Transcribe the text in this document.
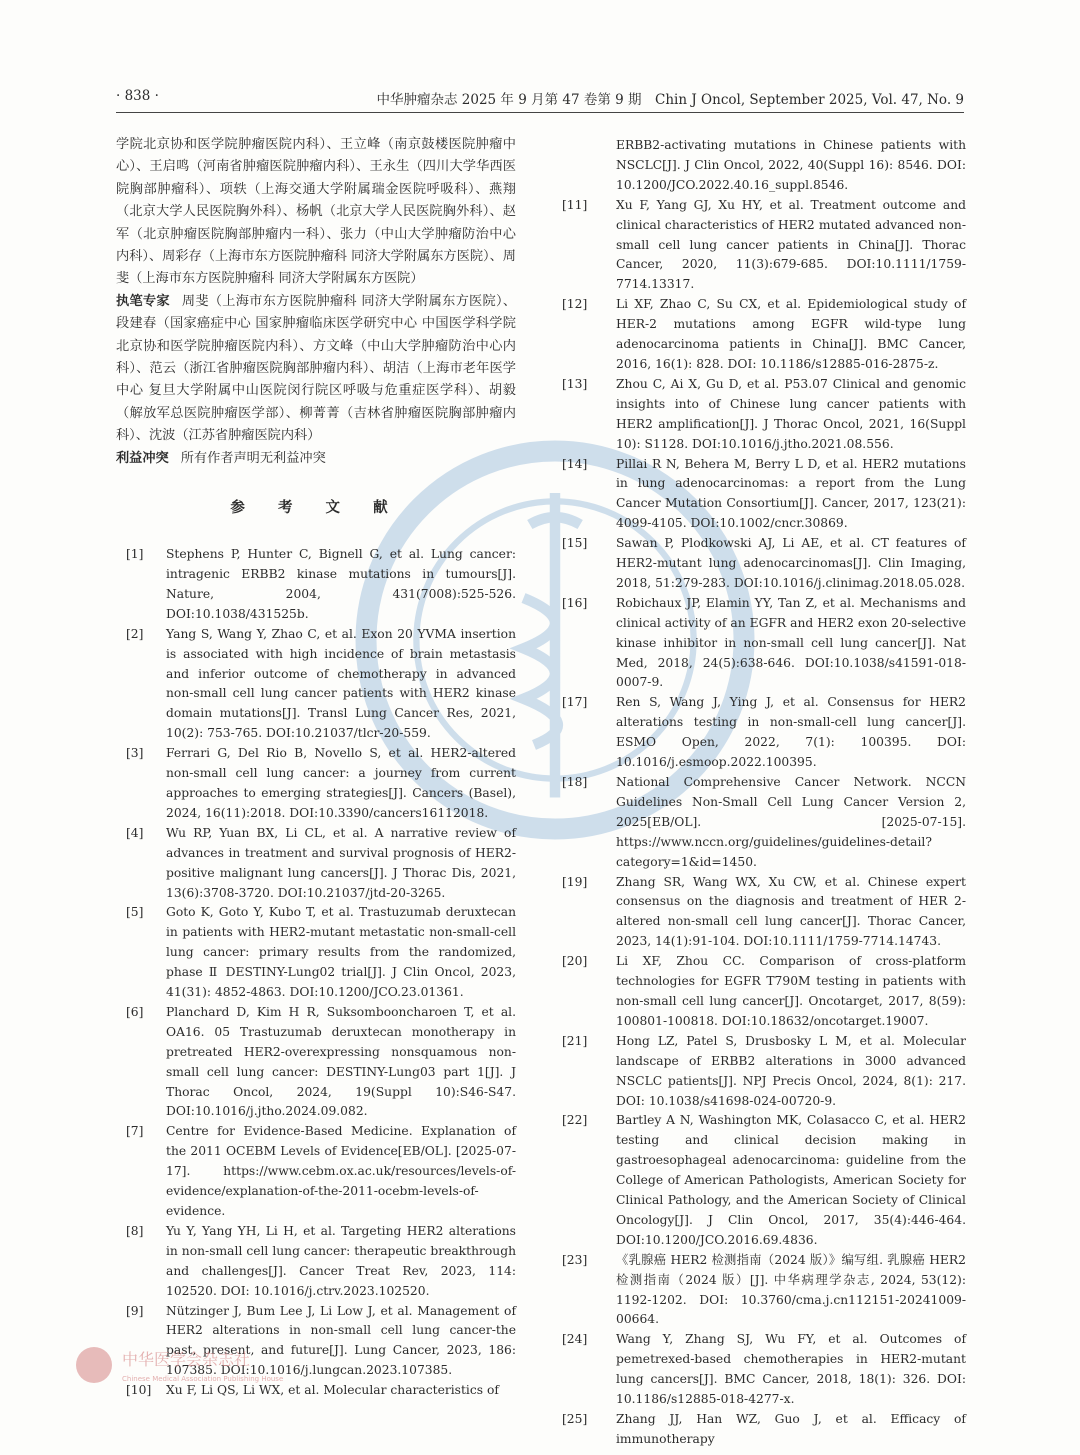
· 838 ·	中华肿瘤杂志 2025 年 9 月第 47 卷第 9 期　Chin J Oncol, September 2025, Vol. 47, No. 9

学院北京协和医学院肿瘤医院内科）、王立峰（南京鼓楼医院肿瘤中心）、王启鸣（河南省肿瘤医院肿瘤内科）、王永生（四川大学华西医院胸部肿瘤科）、项轶（上海交通大学附属瑞金医院呼吸科）、燕翔（北京大学人民医院胸外科）、杨帆（北京大学人民医院胸外科）、赵军（北京肿瘤医院胸部肿瘤内一科）、张力（中山大学肿瘤防治中心内科）、周彩存（上海市东方医院肿瘤科 同济大学附属东方医院）、周斐（上海市东方医院肿瘤科 同济大学附属东方医院）

执笔专家 周斐（上海市东方医院肿瘤科 同济大学附属东方医院）、段建春（国家癌症中心 国家肿瘤临床医学研究中心 中国医学科学院北京协和医学院肿瘤医院内科）、方文峰（中山大学肿瘤防治中心内科）、范云（浙江省肿瘤医院胸部肿瘤内科）、胡洁（上海市老年医学中心 复旦大学附属中山医院闵行院区呼吸与危重症医学科）、胡毅（解放军总医院肿瘤医学部）、柳菁菁（吉林省肿瘤医院胸部肿瘤内科）、沈波（江苏省肿瘤医院内科）

利益冲突 所有作者声明无利益冲突

参 考 文 献

[1] Stephens P, Hunter C, Bignell G, et al. Lung cancer: intragenic ERBB2 kinase mutations in tumours[J]. Nature, 2004, 431(7008):525-526. DOI:10.1038/431525b.

[2] Yang S, Wang Y, Zhao C, et al. Exon 20 YVMA insertion is associated with high incidence of brain metastasis and inferior outcome of chemotherapy in advanced non-small cell lung cancer patients with HER2 kinase domain mutations[J]. Transl Lung Cancer Res, 2021, 10(2): 753-765. DOI:10.21037/tlcr-20-559.

[3] Ferrari G, Del Rio B, Novello S, et al. HER2-altered non-small cell lung cancer: a journey from current approaches to emerging strategies[J]. Cancers (Basel), 2024, 16(11):2018. DOI:10.3390/cancers16112018.

[4] Wu RP, Yuan BX, Li CL, et al. A narrative review of advances in treatment and survival prognosis of HER2-positive malignant lung cancers[J]. J Thorac Dis, 2021, 13(6):3708-3720. DOI:10.21037/jtd-20-3265.

[5] Goto K, Goto Y, Kubo T, et al. Trastuzumab deruxtecan in patients with HER2-mutant metastatic non-small-cell lung cancer: primary results from the randomized, phase Ⅱ DESTINY-Lung02 trial[J]. J Clin Oncol, 2023, 41(31): 4852-4863. DOI:10.1200/JCO.23.01361.

[6] Planchard D, Kim H R, Suksombooncharoen T, et al. OA16. 05 Trastuzumab deruxtecan monotherapy in pretreated HER2-overexpressing nonsquamous non-small cell lung cancer: DESTINY-Lung03 part 1[J]. J Thorac Oncol, 2024, 19(Suppl 10):S46-S47. DOI:10.1016/j.jtho.2024.09.082.

[7] Centre for Evidence-Based Medicine. Explanation of the 2011 OCEBM Levels of Evidence[EB/OL]. [2025-07-17]. https://www.cebm.ox.ac.uk/resources/levels-of-evidence/explanation-of-the-2011-ocebm-levels-of-evidence.

[8] Yu Y, Yang YH, Li H, et al. Targeting HER2 alterations in non-small cell lung cancer: therapeutic breakthrough and challenges[J]. Cancer Treat Rev, 2023, 114: 102520. DOI: 10.1016/j.ctrv.2023.102520.

[9] Nützinger J, Bum Lee J, Li Low J, et al. Management of HER2 alterations in non-small cell lung cancer-the past, present, and future[J]. Lung Cancer, 2023, 186: 107385. DOI:10.1016/j.lungcan.2023.107385.

[10] Xu F, Li QS, Li WX, et al. Molecular characteristics of

ERBB2-activating mutations in Chinese patients with NSCLC[J]. J Clin Oncol, 2022, 40(Suppl 16): 8546. DOI: 10.1200/JCO.2022.40.16_suppl.8546.

[11] Xu F, Yang GJ, Xu HY, et al. Treatment outcome and clinical characteristics of HER2 mutated advanced non-small cell lung cancer patients in China[J]. Thorac Cancer, 2020, 11(3):679-685. DOI:10.1111/1759-7714.13317.

[12] Li XF, Zhao C, Su CX, et al. Epidemiological study of HER-2 mutations among EGFR wild-type lung adenocarcinoma patients in China[J]. BMC Cancer, 2016, 16(1): 828. DOI: 10.1186/s12885-016-2875-z.

[13] Zhou C, Ai X, Gu D, et al. P53.07 Clinical and genomic insights into of Chinese lung cancer patients with HER2 amplification[J]. J Thorac Oncol, 2021, 16(Suppl 10): S1128. DOI:10.1016/j.jtho.2021.08.556.

[14] Pillai R N, Behera M, Berry L D, et al. HER2 mutations in lung adenocarcinomas: a report from the Lung Cancer Mutation Consortium[J]. Cancer, 2017, 123(21): 4099-4105. DOI:10.1002/cncr.30869.

[15] Sawan P, Plodkowski AJ, Li AE, et al. CT features of HER2-mutant lung adenocarcinomas[J]. Clin Imaging, 2018, 51:279-283. DOI:10.1016/j.clinimag.2018.05.028.

[16] Robichaux JP, Elamin YY, Tan Z, et al. Mechanisms and clinical activity of an EGFR and HER2 exon 20-selective kinase inhibitor in non-small cell lung cancer[J]. Nat Med, 2018, 24(5):638-646. DOI:10.1038/s41591-018-0007-9.

[17] Ren S, Wang J, Ying J, et al. Consensus for HER2 alterations testing in non-small-cell lung cancer[J]. ESMO Open, 2022, 7(1): 100395. DOI: 10.1016/j.esmoop.2022.100395.

[18] National Comprehensive Cancer Network. NCCN Guidelines Non-Small Cell Lung Cancer Version 2, 2025[EB/OL]. [2025-07-15]. https://www.nccn.org/guidelines/guidelines-detail?category=1&id=1450.

[19] Zhang SR, Wang WX, Xu CW, et al. Chinese expert consensus on the diagnosis and treatment of HER 2-altered non-small cell lung cancer[J]. Thorac Cancer, 2023, 14(1):91-104. DOI:10.1111/1759-7714.14743.

[20] Li XF, Zhou CC. Comparison of cross-platform technologies for EGFR T790M testing in patients with non-small cell lung cancer[J]. Oncotarget, 2017, 8(59): 100801-100818. DOI:10.18632/oncotarget.19007.

[21] Hong LZ, Patel S, Drusbosky L M, et al. Molecular landscape of ERBB2 alterations in 3000 advanced NSCLC patients[J]. NPJ Precis Oncol, 2024, 8(1): 217. DOI: 10.1038/s41698-024-00720-9.

[22] Bartley A N, Washington MK, Colasacco C, et al. HER2 testing and clinical decision making in gastroesophageal adenocarcinoma: guideline from the College of American Pathologists, American Society for Clinical Pathology, and the American Society of Clinical Oncology[J]. J Clin Oncol, 2017, 35(4):446-464. DOI:10.1200/JCO.2016.69.4836.

[23] 《乳腺癌 HER2 检测指南（2024 版）》编写组. 乳腺癌 HER2 检测指南（2024 版）[J]. 中华病理学杂志, 2024, 53(12): 1192-1202. DOI: 10.3760/cma.j.cn112151-20241009-00664.

[24] Wang Y, Zhang SJ, Wu FY, et al. Outcomes of pemetrexed-based chemotherapies in HER2-mutant lung cancers[J]. BMC Cancer, 2018, 18(1): 326. DOI: 10.1186/s12885-018-4277-x.

[25] Zhang JJ, Han WZ, Guo J, et al. Efficacy of immunotherapy

中华医学会杂志社
Chinese Medical Association Publishing House
